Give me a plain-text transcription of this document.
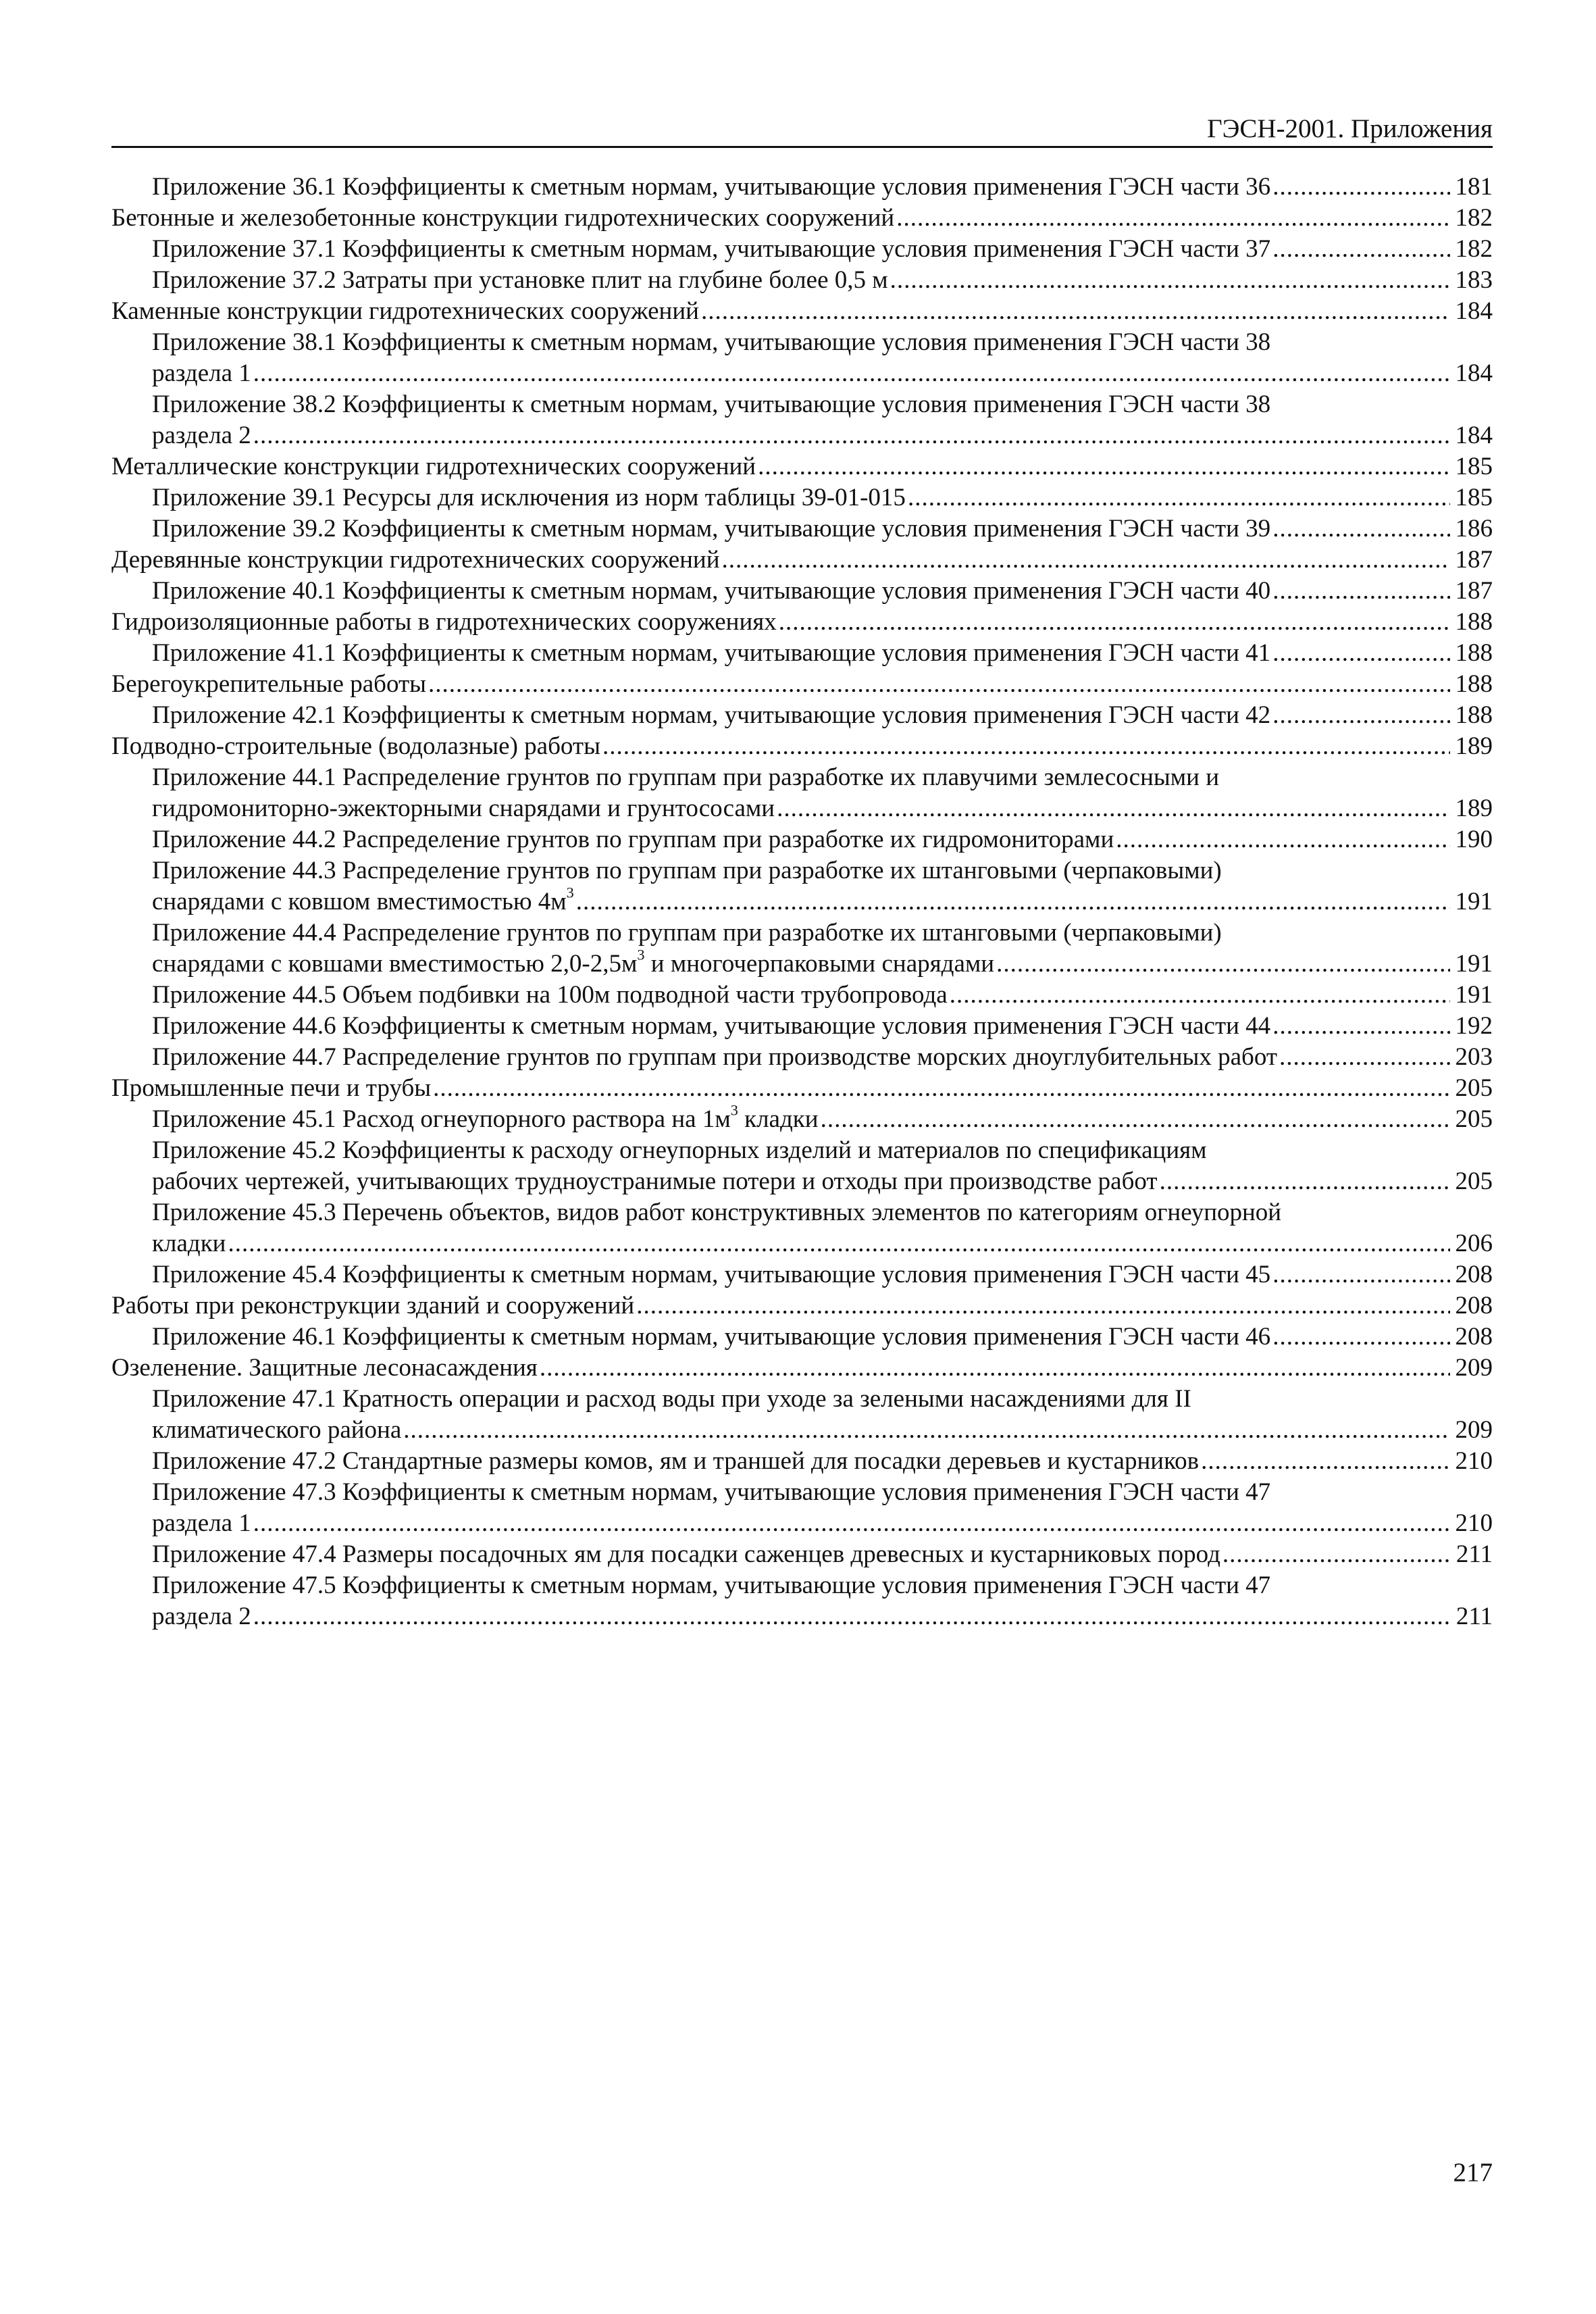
ГЭСН-2001. Приложения
Приложение 36.1 Коэффициенты к сметным нормам, учитывающие условия применения ГЭСН части 36 .....	181
Бетонные и железобетонные конструкции гидротехнических сооружений .....	182
Приложение 37.1 Коэффициенты к сметным нормам, учитывающие условия применения ГЭСН части 37 .....	182
Приложение 37.2 Затраты при установке плит на глубине более 0,5 м .....	183
Каменные конструкции гидротехнических сооружений .....	184
Приложение 38.1 Коэффициенты к сметным нормам, учитывающие условия применения ГЭСН части 38
раздела 1 .....	184
Приложение 38.2 Коэффициенты к сметным нормам, учитывающие условия применения ГЭСН части 38
раздела 2 .....	184
Металлические конструкции гидротехнических сооружений .....	185
Приложение 39.1 Ресурсы для исключения из норм таблицы 39-01-015 .....	185
Приложение 39.2 Коэффициенты к сметным нормам, учитывающие условия применения ГЭСН части 39 .....	186
Деревянные конструкции гидротехнических сооружений .....	187
Приложение 40.1 Коэффициенты к сметным нормам, учитывающие условия применения ГЭСН части 40 .....	187
Гидроизоляционные работы в гидротехнических сооружениях .....	188
Приложение 41.1 Коэффициенты к сметным нормам, учитывающие условия применения ГЭСН части 41 .....	188
Берегоукрепительные работы .....	188
Приложение 42.1 Коэффициенты к сметным нормам, учитывающие условия применения ГЭСН части 42 .....	188
Подводно-строительные (водолазные) работы .....	189
Приложение 44.1 Распределение грунтов по группам при разработке их плавучими землесосными и
гидромониторно-эжекторными снарядами и грунтососами .....	189
Приложение 44.2 Распределение грунтов по группам при разработке их гидромониторами .....	190
Приложение 44.3 Распределение грунтов по группам при разработке их штанговыми (черпаковыми)
снарядами с ковшом вместимостью $4м^3$ .....	191
Приложение 44.4 Распределение грунтов по группам при разработке их штанговыми (черпаковыми)
снарядами с ковшами вместимостью $2,0-2,5м^3$ и многочерпаковыми снарядами .....	191
Приложение 44.5 Объем подбивки на 100м подводной части трубопровода .....	191
Приложение 44.6 Коэффициенты к сметным нормам, учитывающие условия применения ГЭСН части 44 .....	192
Приложение 44.7 Распределение грунтов по группам при производстве морских дноуглубительных работ .....	203
Промышленные печи и трубы .....	205
Приложение 45.1 Расход огнеупорного раствора на $1м^3$ кладки .....	205
Приложение 45.2 Коэффициенты к расходу огнеупорных изделий и материалов по спецификациям
рабочих чертежей, учитывающих трудноустранимые потери и отходы при производстве работ .....	205
Приложение 45.3 Перечень объектов, видов работ конструктивных элементов по категориям огнеупорной
кладки .....	206
Приложение 45.4 Коэффициенты к сметным нормам, учитывающие условия применения ГЭСН части 45 .....	208
Работы при реконструкции зданий и сооружений .....	208
Приложение 46.1 Коэффициенты к сметным нормам, учитывающие условия применения ГЭСН части 46 .....	208
Озеленение. Защитные лесонасаждения .....	209
Приложение 47.1 Кратность операции и расход воды при уходе за зелеными насаждениями для II
климатического района .....	209
Приложение 47.2 Стандартные размеры комов, ям и траншей для посадки деревьев и кустарников .....	210
Приложение 47.3 Коэффициенты к сметным нормам, учитывающие условия применения ГЭСН части 47
раздела 1 .....	210
Приложение 47.4 Размеры посадочных ям для посадки саженцев древесных и кустарниковых пород .....	211
Приложение 47.5 Коэффициенты к сметным нормам, учитывающие условия применения ГЭСН части 47
раздела 2 .....	211
217
